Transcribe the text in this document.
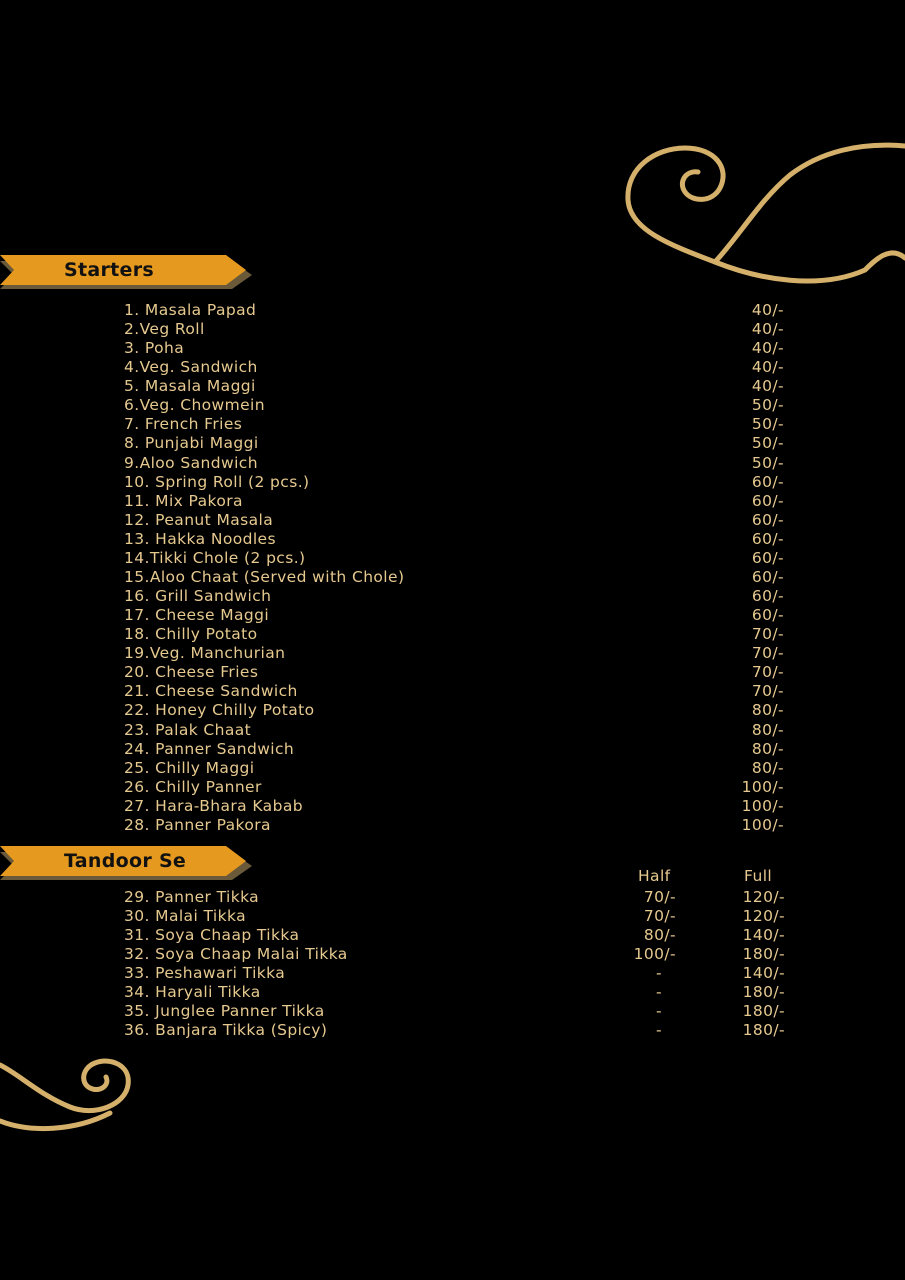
Starters
1. Masala Papad	40/-
2.Veg Roll	40/-
3. Poha	40/-
4.Veg. Sandwich	40/-
5. Masala Maggi	40/-
6.Veg. Chowmein	50/-
7. French Fries	50/-
8. Punjabi Maggi	50/-
9.Aloo Sandwich	50/-
10. Spring Roll (2 pcs.)	60/-
11. Mix Pakora	60/-
12. Peanut Masala	60/-
13. Hakka Noodles	60/-
14.Tikki Chole (2 pcs.)	60/-
15.Aloo Chaat (Served with Chole)	60/-
16. Grill Sandwich	60/-
17. Cheese Maggi	60/-
18. Chilly Potato	70/-
19.Veg. Manchurian	70/-
20. Cheese Fries	70/-
21. Cheese Sandwich	70/-
22. Honey Chilly Potato	80/-
23. Palak Chaat	80/-
24. Panner Sandwich	80/-
25. Chilly Maggi	80/-
26. Chilly Panner	100/-
27. Hara-Bhara Kabab	100/-
28. Panner Pakora	100/-
Tandoor Se
Half	Full
29. Panner Tikka	70/-	120/-
30. Malai Tikka	70/-	120/-
31. Soya Chaap Tikka	80/-	140/-
32. Soya Chaap Malai Tikka	100/-	180/-
33. Peshawari Tikka	-	140/-
34. Haryali Tikka	-	180/-
35. Junglee Panner Tikka	-	180/-
36. Banjara Tikka (Spicy)	-	180/-
